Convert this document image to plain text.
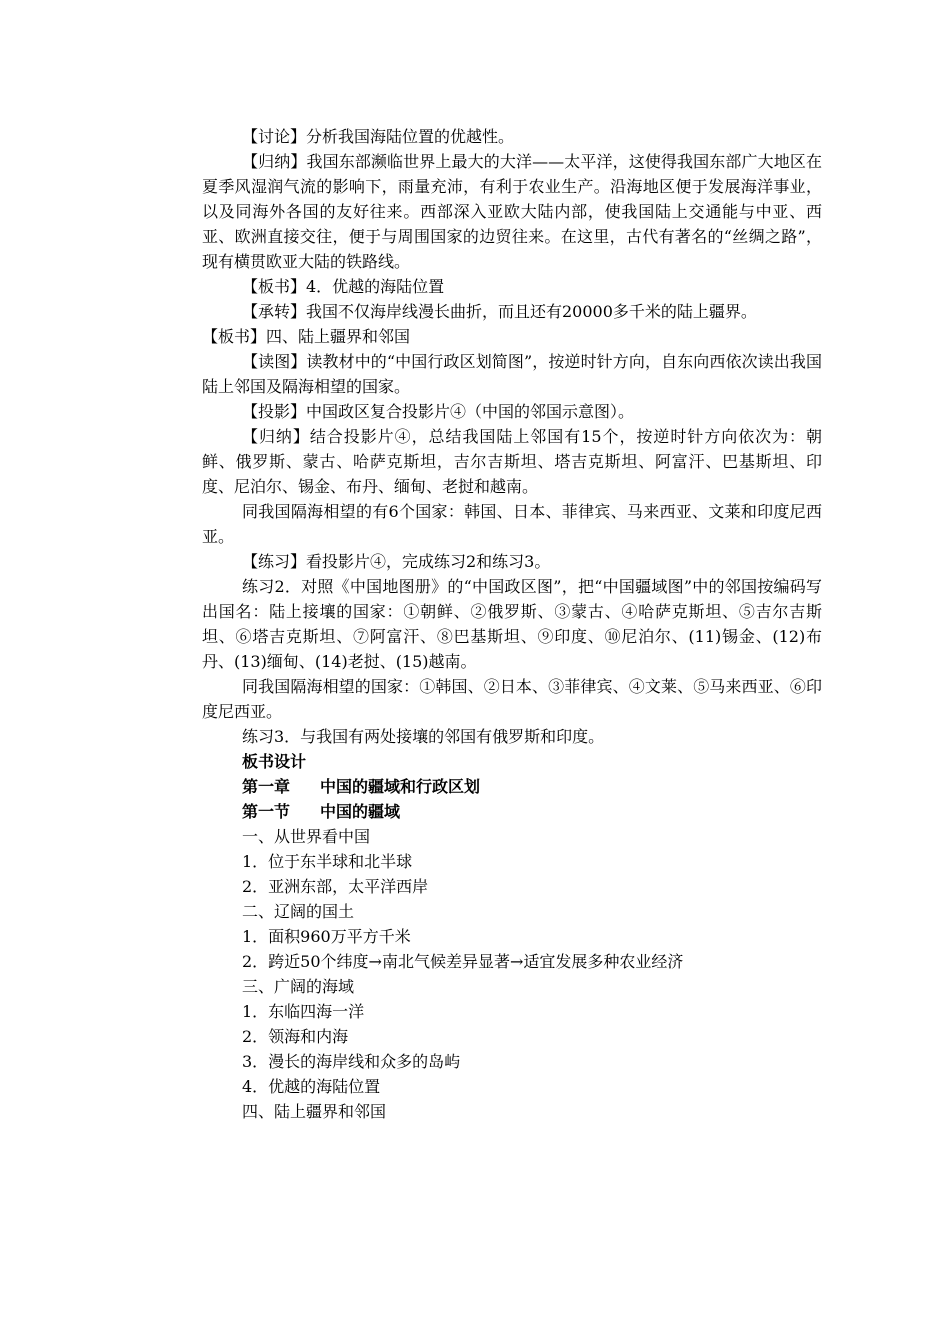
【讨论】分析我国海陆位置的优越性。

【归纳】我国东部濒临世界上最大的大洋——太平洋，这使得我国东部广大地区在夏季风湿润气流的影响下，雨量充沛，有利于农业生产。沿海地区便于发展海洋事业，以及同海外各国的友好往来。西部深入亚欧大陆内部，使我国陆上交通能与中亚、西亚、欧洲直接交往，便于与周围国家的边贸往来。在这里，古代有著名的“丝绸之路”，现有横贯欧亚大陆的铁路线。

【板书】4．优越的海陆位置

【承转】我国不仅海岸线漫长曲折，而且还有20000多千米的陆上疆界。

【板书】四、陆上疆界和邻国

【读图】读教材中的“中国行政区划简图”，按逆时针方向，自东向西依次读出我国陆上邻国及隔海相望的国家。

【投影】中国政区复合投影片④（中国的邻国示意图）。

【归纳】结合投影片④，总结我国陆上邻国有15个，按逆时针方向依次为：朝鲜、俄罗斯、蒙古、哈萨克斯坦，吉尔吉斯坦、塔吉克斯坦、阿富汗、巴基斯坦、印度、尼泊尔、锡金、布丹、缅甸、老挝和越南。

同我国隔海相望的有6个国家：韩国、日本、菲律宾、马来西亚、文莱和印度尼西亚。

【练习】看投影片④，完成练习2和练习3。

练习2．对照《中国地图册》的“中国政区图”，把“中国疆域图”中的邻国按编码写出国名：陆上接壤的国家：①朝鲜、②俄罗斯、③蒙古、④哈萨克斯坦、⑤吉尔吉斯坦、⑥塔吉克斯坦、⑦阿富汗、⑧巴基斯坦、⑨印度、⑩尼泊尔、(11)锡金、(12)布丹、(13)缅甸、(14)老挝、(15)越南。

同我国隔海相望的国家：①韩国、②日本、③菲律宾、④文莱、⑤马来西亚、⑥印度尼西亚。

练习3．与我国有两处接壤的邻国有俄罗斯和印度。

板书设计

第一章 中国的疆域和行政区划

第一节 中国的疆域

一、从世界看中国

1．位于东半球和北半球

2．亚洲东部，太平洋西岸

二、辽阔的国土

1．面积960万平方千米

2．跨近50个纬度→南北气候差异显著→适宜发展多种农业经济

三、广阔的海域

1．东临四海一洋

2．领海和内海

3．漫长的海岸线和众多的岛屿

4．优越的海陆位置

四、陆上疆界和邻国
